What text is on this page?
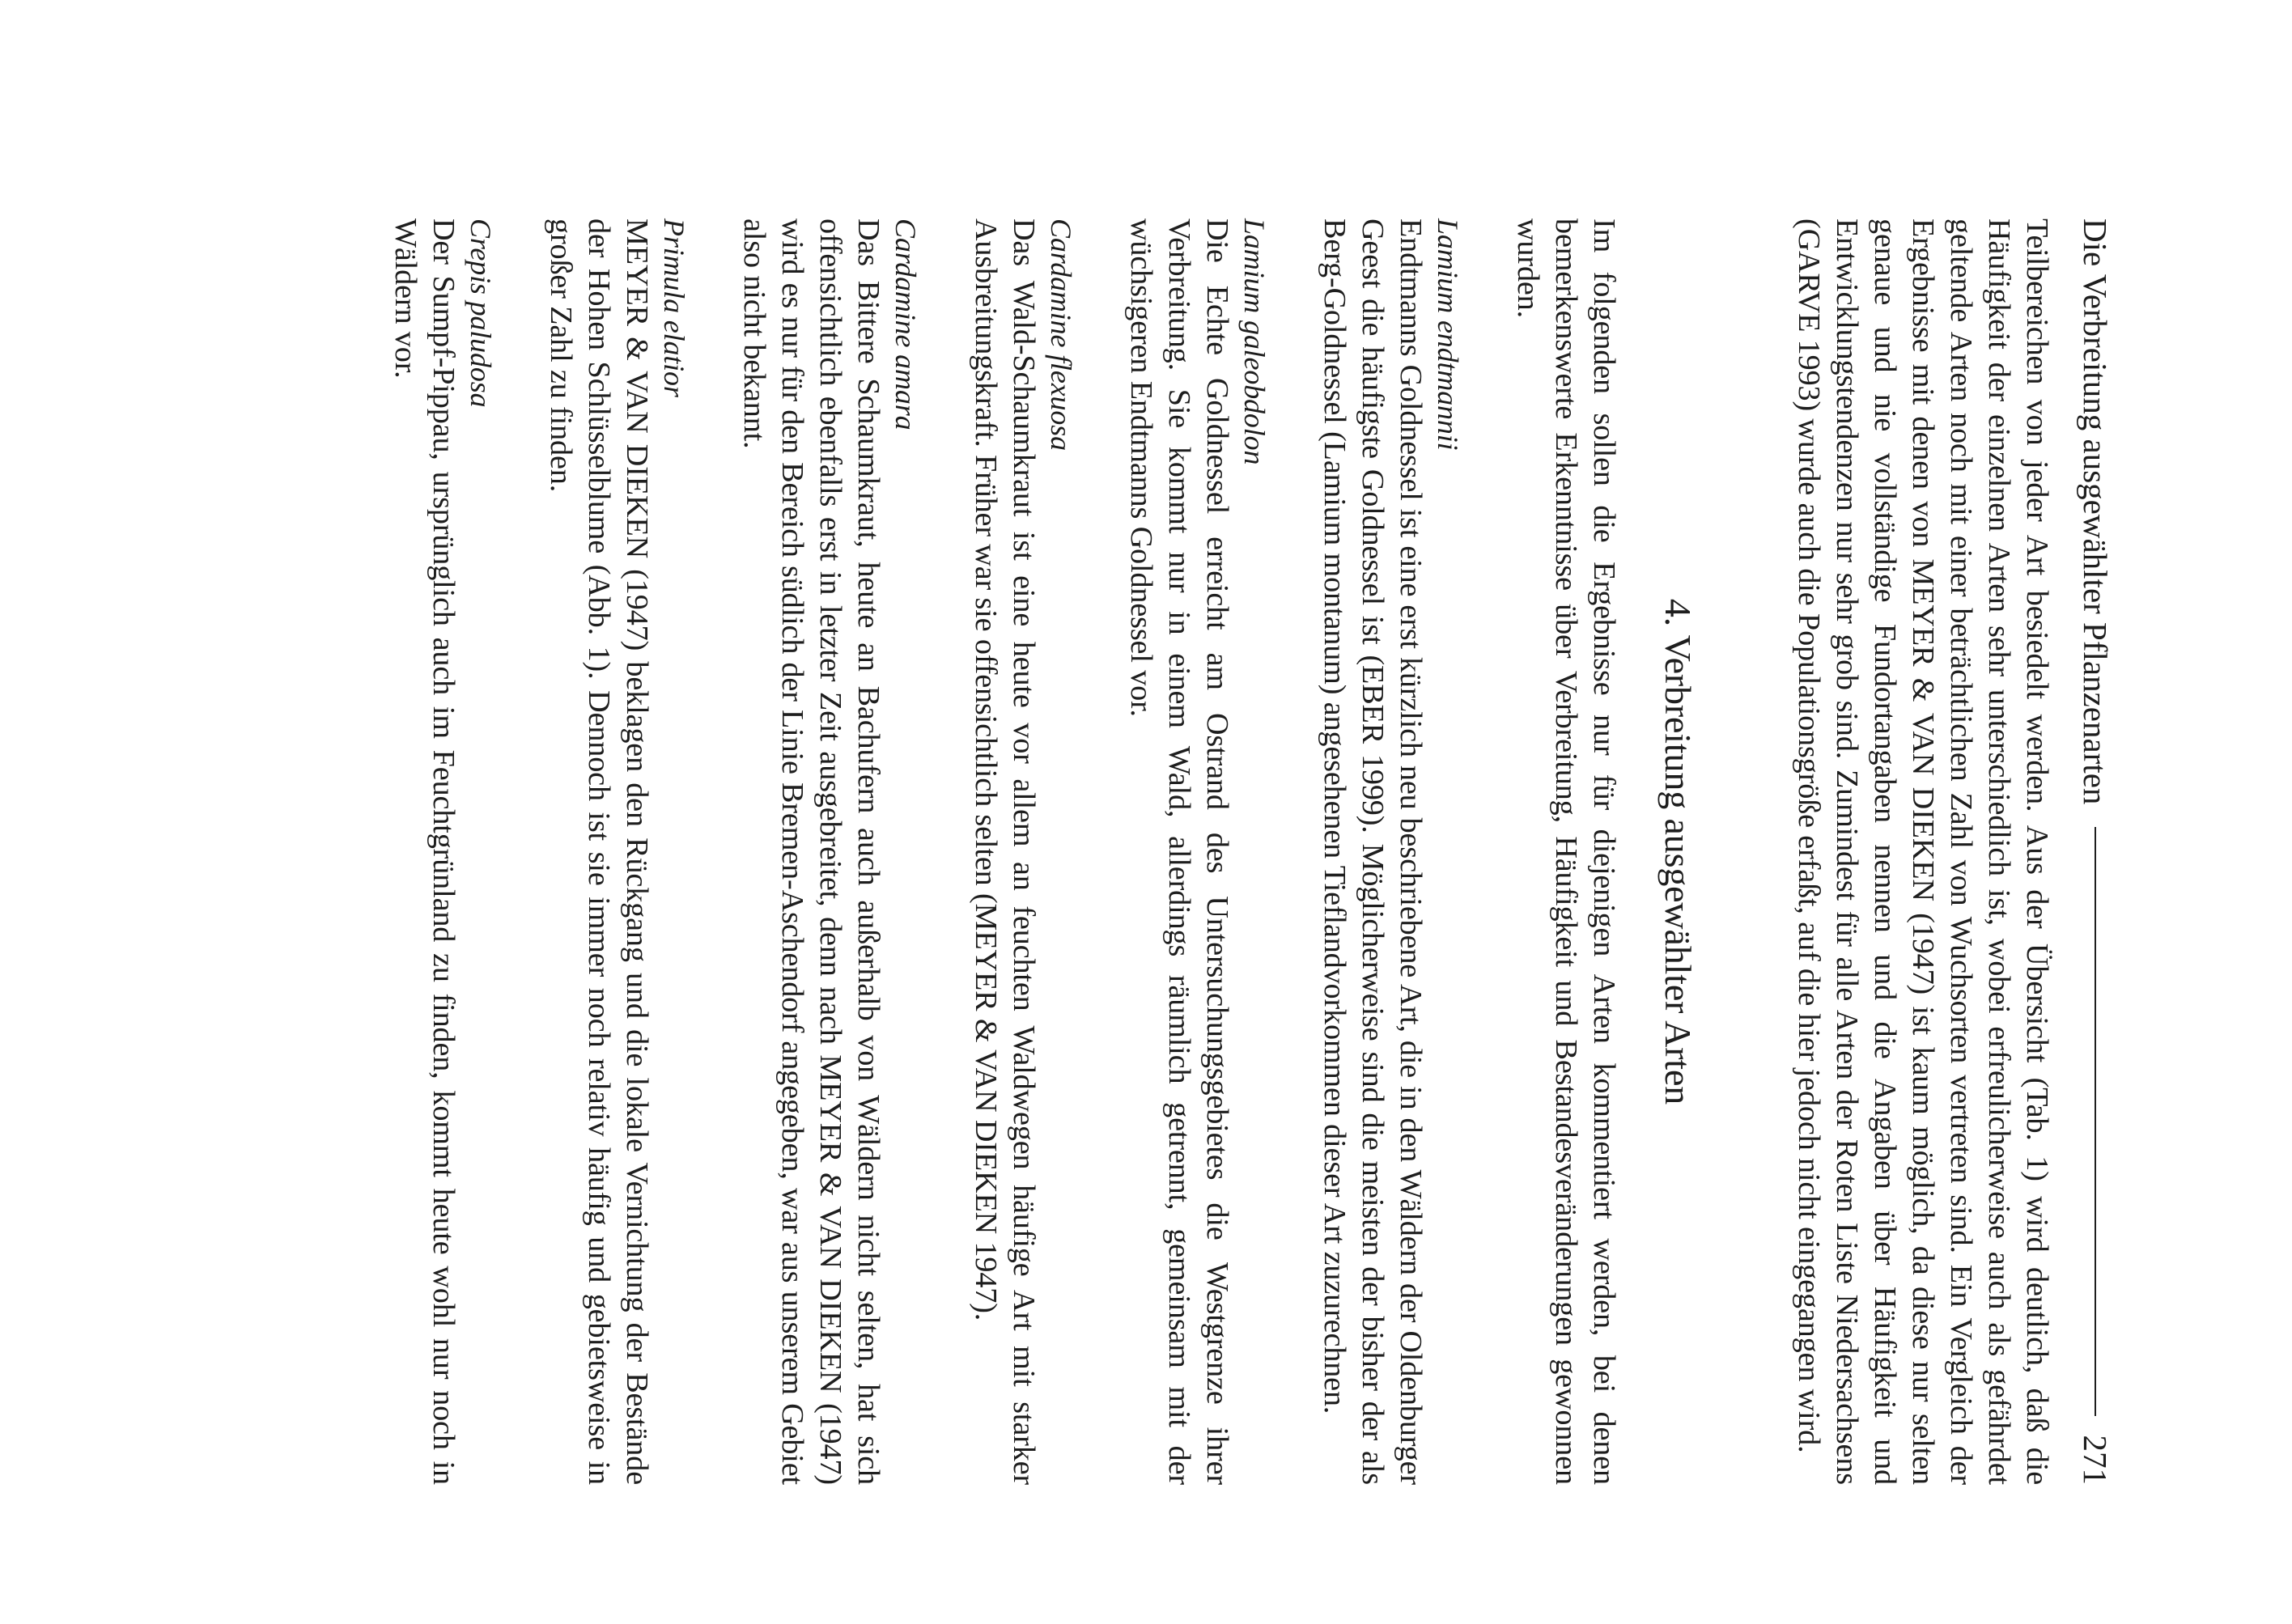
Die Verbreitung ausgewählter Pflanzenarten
271

Teilbereichen von jeder Art besiedelt werden. Aus der Übersicht (Tab. 1) wird deutlich, daß die Häufigkeit der einzelnen Arten sehr unterschiedlich ist, wobei erfreulicherweise auch als gefährdet geltende Arten noch mit einer beträchtlichen Zahl von Wuchsorten vertreten sind. Ein Vergleich der Ergebnisse mit denen von MEYER & VAN DIEKEN (1947) ist kaum möglich, da diese nur selten genaue und nie vollständige Fundortangaben nennen und die Angaben über Häufigkeit und Entwicklungstendenzen nur sehr grob sind. Zumindest für alle Arten der Roten Liste Niedersachsens (GARVE 1993) wurde auch die Populationsgröße erfaßt, auf die hier jedoch nicht eingegangen wird.

4. Verbreitung ausgewählter Arten

Im folgenden sollen die Ergebnisse nur für diejenigen Arten kommentiert werden, bei denen bemerkenswerte Erkenntnisse über Verbreitung, Häufigkeit und Bestandesveränderungen gewonnen wurden.

Lamium endtmannii

Endtmanns Goldnessel ist eine erst kürzlich neu beschriebene Art, die in den Wäldern der Oldenburger Geest die häufigste Goldnessel ist (EBER 1999). Möglicherweise sind die meisten der bisher der als Berg-Goldnessel (Lamium montanum) angesehenen Tieflandvorkommen dieser Art zuzurechnen.

Lamium galeobdolon

Die Echte Goldnessel erreicht am Ostrand des Untersuchungsgebietes die Westgrenze ihrer Verbreitung. Sie kommt nur in einem Wald, allerdings räumlich getrennt, gemeinsam mit der wüchsigeren Endtmanns Goldnessel vor.

Cardamine flexuosa

Das Wald-Schaumkraut ist eine heute vor allem an feuchten Waldwegen häufige Art mit starker Ausbreitungskraft. Früher war sie offensichtlich selten (MEYER & VAN DIEKEN 1947).

Cardamine amara

Das Bittere Schaumkraut, heute an Bachufern auch außerhalb von Wäldern nicht selten, hat sich offensichtlich ebenfalls erst in letzter Zeit ausgebreitet, denn nach MEYER & VAN DIEKEN (1947) wird es nur für den Bereich südlich der Linie Bremen-Aschendorf angegeben, war aus unserem Gebiet also nicht bekannt.

Primula elatior

MEYER & VAN DIEKEN (1947) beklagen den Rückgang und die lokale Vernichtung der Bestände der Hohen Schlüsselblume (Abb. 1). Dennoch ist sie immer noch relativ häufig und gebietsweise in großer Zahl zu finden.

Crepis paludosa

Der Sumpf-Pippau, ursprünglich auch im Feuchtgrünland zu finden, kommt heute wohl nur noch in Wäldern vor.
